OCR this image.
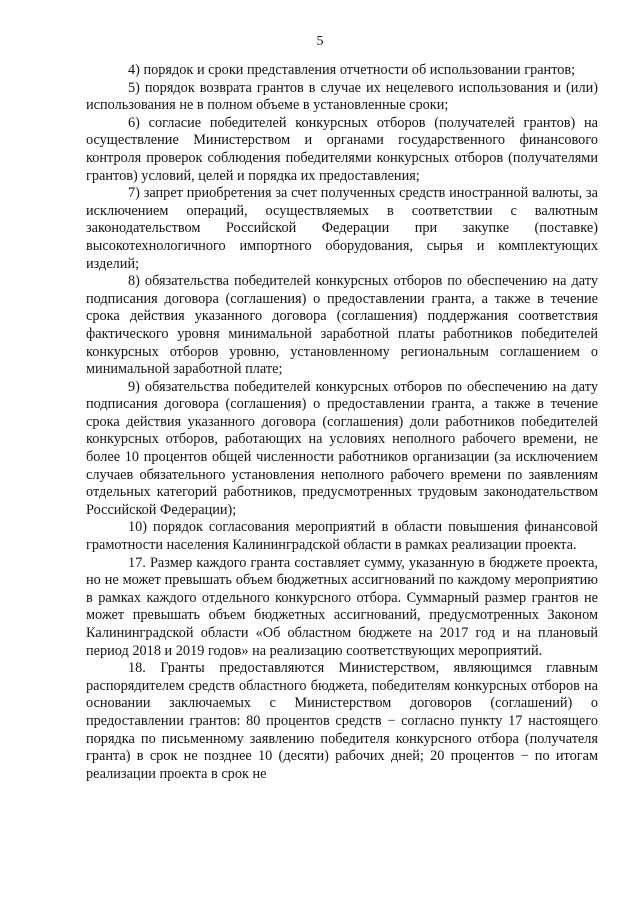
5

4) порядок и сроки представления отчетности об использовании грантов;

5) порядок возврата грантов в случае их нецелевого использования и (или) использования не в полном объеме в установленные сроки;

6) согласие победителей конкурсных отборов (получателей грантов) на осуществление Министерством и органами государственного финансового контроля проверок соблюдения победителями конкурсных отборов (получателями грантов) условий, целей и порядка их предоставления;

7) запрет приобретения за счет полученных средств иностранной валюты, за исключением операций, осуществляемых в соответствии с валютным законодательством Российской Федерации при закупке (поставке) высокотехнологичного импортного оборудования, сырья и комплектующих изделий;

8) обязательства победителей конкурсных отборов по обеспечению на дату подписания договора (соглашения) о предоставлении гранта, а также в течение срока действия указанного договора (соглашения) поддержания соответствия фактического уровня минимальной заработной платы работников победителей конкурсных отборов уровню, установленному региональным соглашением о минимальной заработной плате;

9) обязательства победителей конкурсных отборов по обеспечению на дату подписания договора (соглашения) о предоставлении гранта, а также в течение срока действия указанного договора (соглашения) доли работников победителей конкурсных отборов, работающих на условиях неполного рабочего времени, не более 10 процентов общей численности работников организации (за исключением случаев обязательного установления неполного рабочего времени по заявлениям отдельных категорий работников, предусмотренных трудовым законодательством Российской Федерации);

10) порядок согласования мероприятий в области повышения финансовой грамотности населения Калининградской области в рамках реализации проекта.

17. Размер каждого гранта составляет сумму, указанную в бюджете проекта, но не может превышать объем бюджетных ассигнований по каждому мероприятию в рамках каждого отдельного конкурсного отбора. Суммарный размер грантов не может превышать объем бюджетных ассигнований, предусмотренных Законом Калининградской области «Об областном бюджете на 2017 год и на плановый период 2018 и 2019 годов» на реализацию соответствующих мероприятий.

18. Гранты предоставляются Министерством, являющимся главным распорядителем средств областного бюджета, победителям конкурсных отборов на основании заключаемых с Министерством договоров (соглашений) о предоставлении грантов: 80 процентов средств − согласно пункту 17 настоящего порядка по письменному заявлению победителя конкурсного отбора (получателя гранта) в срок не позднее 10 (десяти) рабочих дней; 20 процентов − по итогам реализации проекта в срок не
